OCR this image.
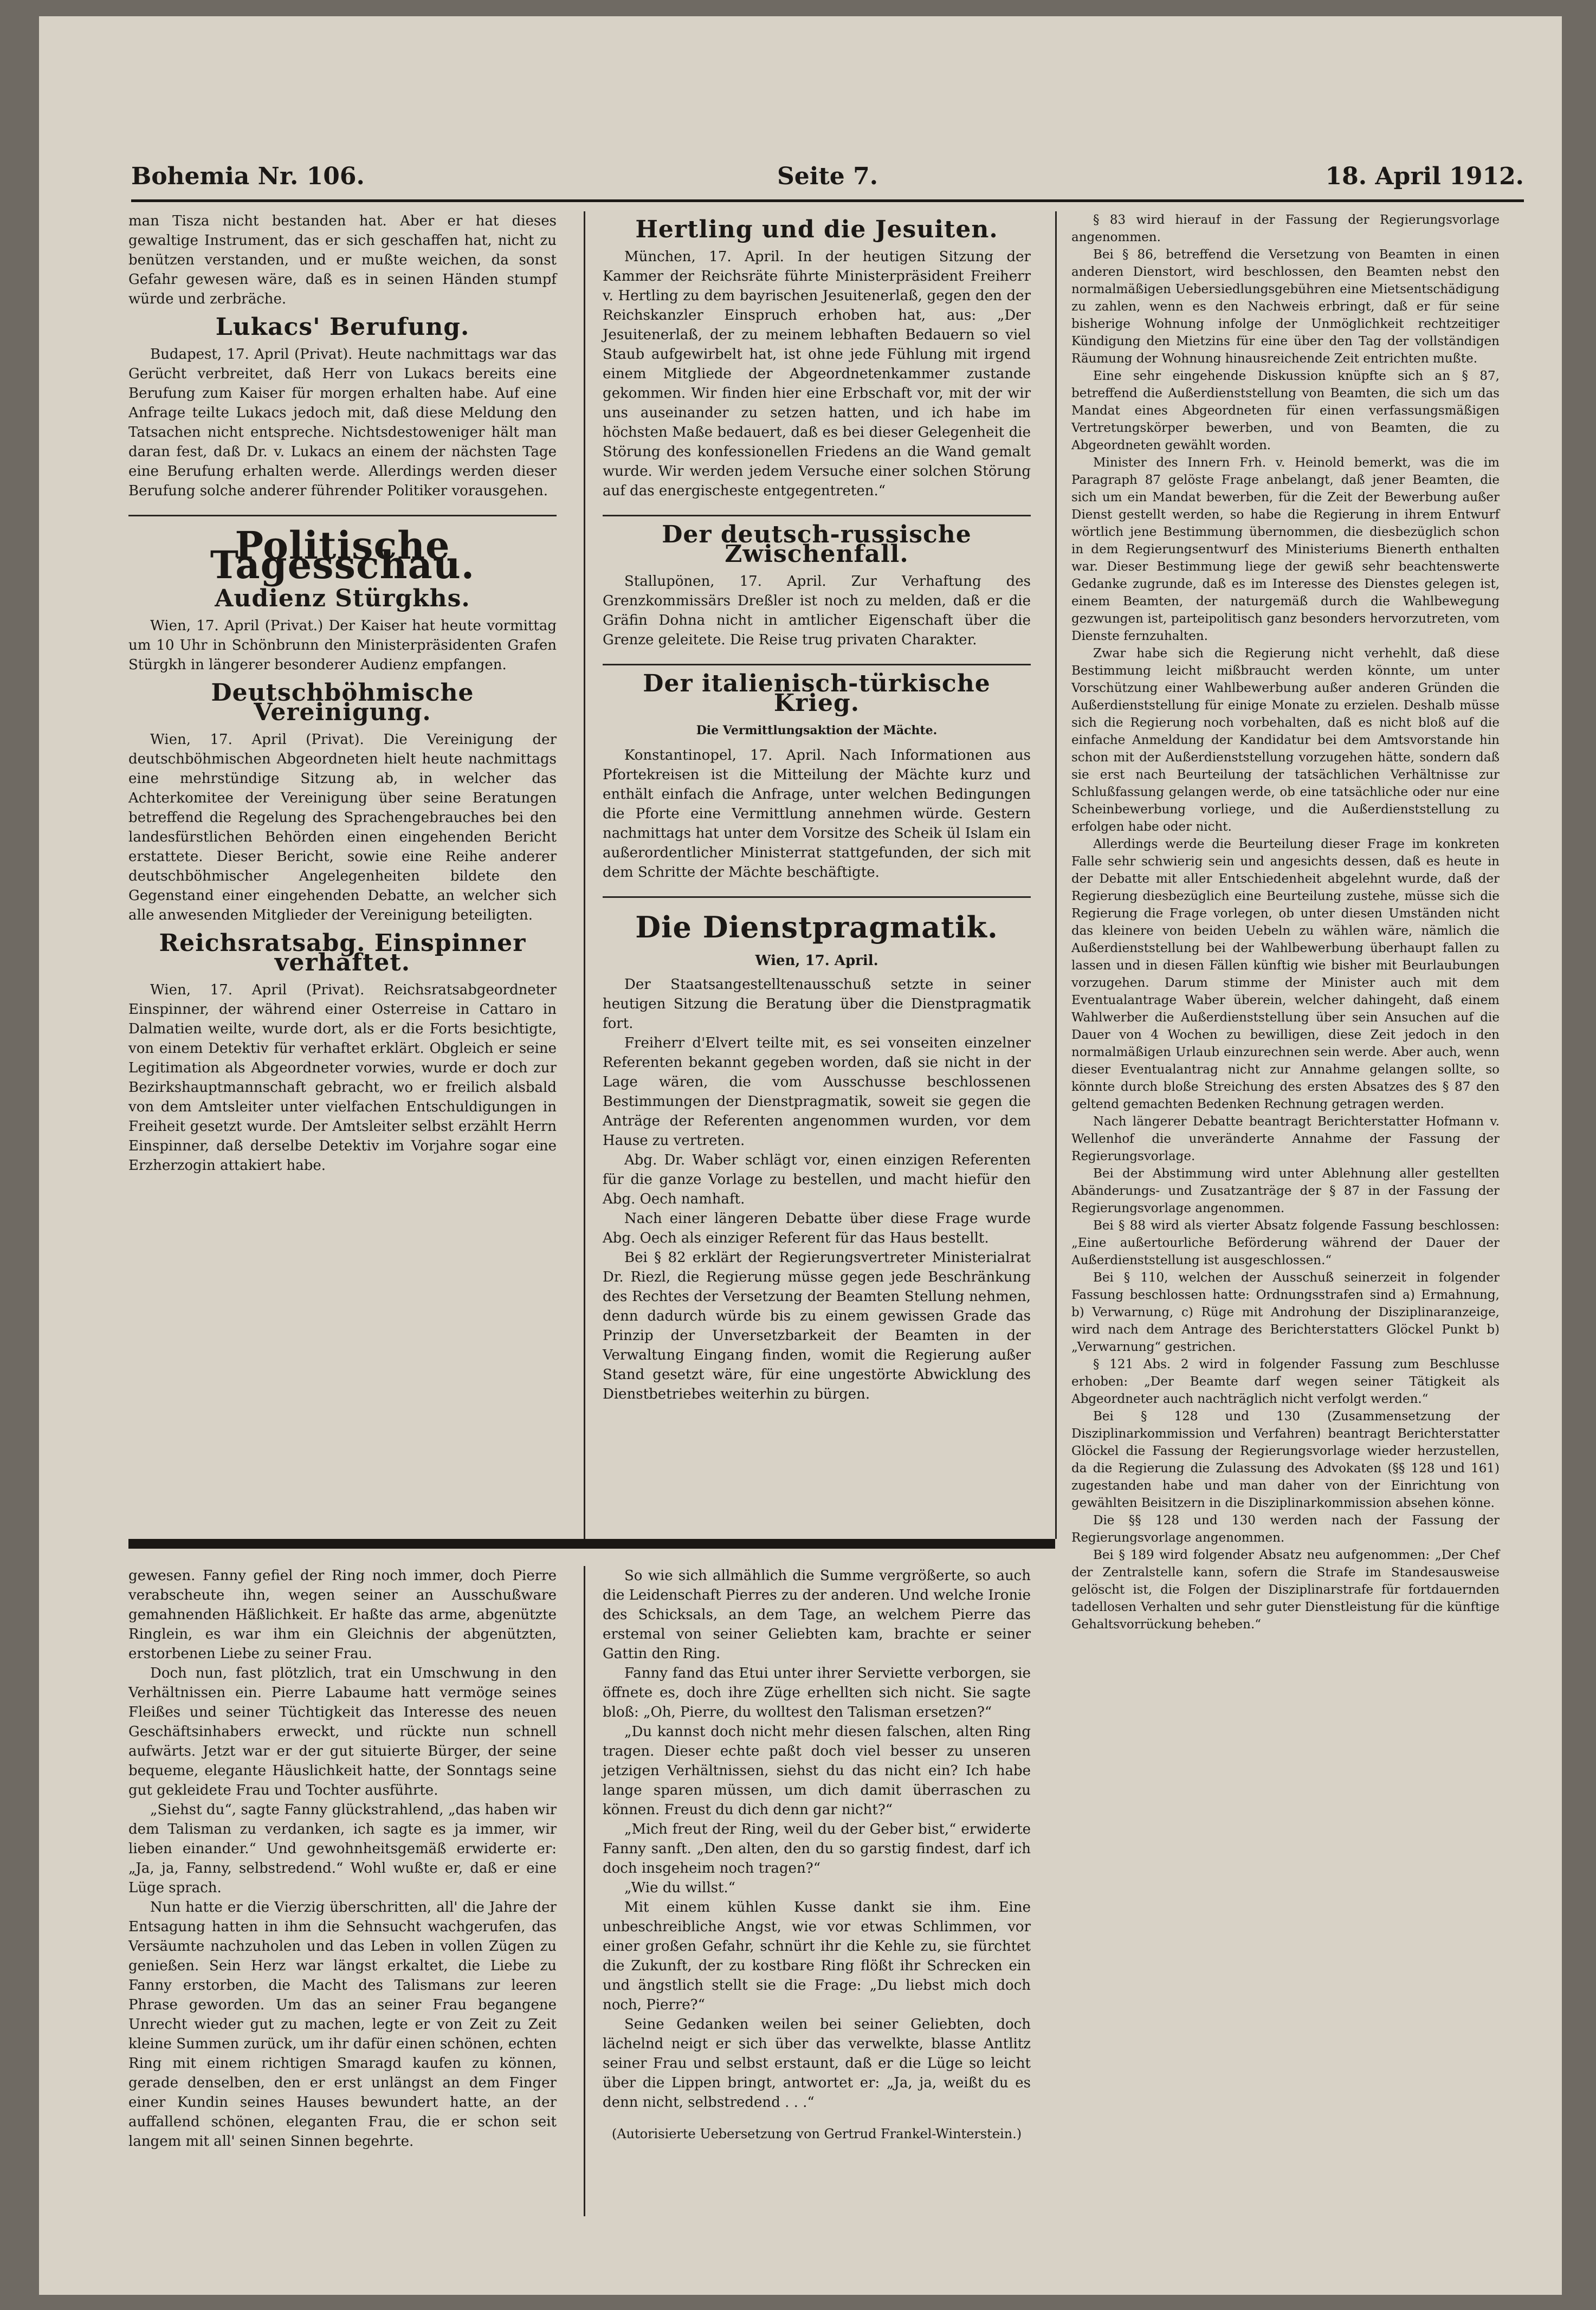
Bohemia Nr. 106.	Seite 7.	18. April 1912.

man Tisza nicht bestanden hat. Aber er hat dieses gewaltige Instrument, das er sich geschaffen hat, nicht zu benützen verstanden, und er mußte weichen, da sonst Gefahr gewesen wäre, daß es in seinen Händen stumpf würde und zerbräche.

Lukacs' Berufung.

Budapest, 17. April (Privat). Heute nachmittags war das Gerücht verbreitet, daß Herr von Lukacs bereits eine Berufung zum Kaiser für morgen erhalten habe. Auf eine Anfrage teilte Lukacs jedoch mit, daß diese Meldung den Tatsachen nicht entspreche. Nichtsdestoweniger hält man daran fest, daß Dr. v. Lukacs an einem der nächsten Tage eine Berufung erhalten werde. Allerdings werden dieser Berufung solche anderer führender Politiker vorausgehen.

Politische Tagesschau.
Audienz Stürgkhs.

Wien, 17. April (Privat.) Der Kaiser hat heute vormittag um 10 Uhr in Schönbrunn den Ministerpräsidenten Grafen Stürgkh in längerer besonderer Audienz empfangen.

Deutschböhmische Vereinigung.

Wien, 17. April (Privat). Die Vereinigung der deutschböhmischen Abgeordneten hielt heute nachmittags eine mehrstündige Sitzung ab, in welcher das Achterkomitee der Vereinigung über seine Beratungen betreffend die Regelung des Sprachengebrauches bei den landesfürstlichen Behörden einen eingehenden Bericht erstattete. Dieser Bericht, sowie eine Reihe anderer deutschböhmischer Angelegenheiten bildete den Gegenstand einer eingehenden Debatte, an welcher sich alle anwesenden Mitglieder der Vereinigung beteiligten.

Reichsratsabg. Einspinner verhaftet.

Wien, 17. April (Privat). Reichsratsabgeordneter Einspinner, der während einer Osterreise in Cattaro in Dalmatien weilte, wurde dort, als er die Forts besichtigte, von einem Detektiv für verhaftet erklärt. Obgleich er seine Legitimation als Abgeordneter vorwies, wurde er doch zur Bezirkshauptmannschaft gebracht, wo er freilich alsbald von dem Amtsleiter unter vielfachen Entschuldigungen in Freiheit gesetzt wurde. Der Amtsleiter selbst erzählt Herrn Einspinner, daß derselbe Detektiv im Vorjahre sogar eine Erzherzogin attakiert habe.

Hertling und die Jesuiten.

München, 17. April. In der heutigen Sitzung der Kammer der Reichsräte führte Ministerpräsident Freiherr v. Hertling zu dem bayrischen Jesuitenerlaß, gegen den der Reichskanzler Einspruch erhoben hat, aus: „Der Jesuitenerlaß, der zu meinem lebhaften Bedauern so viel Staub aufgewirbelt hat, ist ohne jede Fühlung mit irgend einem Mitgliede der Abgeordnetenkammer zustande gekommen. Wir finden hier eine Erbschaft vor, mit der wir uns auseinander zu setzen hatten, und ich habe im höchsten Maße bedauert, daß es bei dieser Gelegenheit die Störung des konfessionellen Friedens an die Wand gemalt wurde. Wir werden jedem Versuche einer solchen Störung auf das energischeste entgegentreten.“

Der deutsch-russische Zwischenfall.

Stallupönen, 17. April. Zur Verhaftung des Grenzkommissärs Dreßler ist noch zu melden, daß er die Gräfin Dohna nicht in amtlicher Eigenschaft über die Grenze geleitete. Die Reise trug privaten Charakter.

Der italienisch-türkische Krieg.
Die Vermittlungsaktion der Mächte.

Konstantinopel, 17. April. Nach Informationen aus Pfortekreisen ist die Mitteilung der Mächte kurz und enthält einfach die Anfrage, unter welchen Bedingungen die Pforte eine Vermittlung annehmen würde. Gestern nachmittags hat unter dem Vorsitze des Scheik ül Islam ein außerordentlicher Ministerrat stattgefunden, der sich mit dem Schritte der Mächte beschäftigte.

Die Dienstpragmatik.
Wien, 17. April.

Der Staatsangestelltenausschuß setzte in seiner heutigen Sitzung die Beratung über die Dienstpragmatik fort.

Freiherr d'Elvert teilte mit, es sei vonseiten einzelner Referenten bekannt gegeben worden, daß sie nicht in der Lage wären, die vom Ausschusse beschlossenen Bestimmungen der Dienstpragmatik, soweit sie gegen die Anträge der Referenten angenommen wurden, vor dem Hause zu vertreten.

Abg. Dr. Waber schlägt vor, einen einzigen Referenten für die ganze Vorlage zu bestellen, und macht hiefür den Abg. Oech namhaft.

Nach einer längeren Debatte über diese Frage wurde Abg. Oech als einziger Referent für das Haus bestellt.

Bei § 82 erklärt der Regierungsvertreter Ministerialrat Dr. Riezl, die Regierung müsse gegen jede Beschränkung des Rechtes der Versetzung der Beamten Stellung nehmen, denn dadurch würde bis zu einem gewissen Grade das Prinzip der Unversetzbarkeit der Beamten in der Verwaltung Eingang finden, womit die Regierung außer Stand gesetzt wäre, für eine ungestörte Abwicklung des Dienstbetriebes weiterhin zu bürgen.

§ 83 wird hierauf in der Fassung der Regierungsvorlage angenommen.

Bei § 86, betreffend die Versetzung von Beamten in einen anderen Dienstort, wird beschlossen, den Beamten nebst den normalmäßigen Uebersiedlungsgebühren eine Mietsentschädigung zu zahlen, wenn es den Nachweis erbringt, daß er für seine bisherige Wohnung infolge der Unmöglichkeit rechtzeitiger Kündigung den Mietzins für eine über den Tag der vollständigen Räumung der Wohnung hinausreichende Zeit entrichten mußte.

Eine sehr eingehende Diskussion knüpfte sich an § 87, betreffend die Außerdienststellung von Beamten, die sich um das Mandat eines Abgeordneten für einen verfassungsmäßigen Vertretungskörper bewerben, und von Beamten, die zu Abgeordneten gewählt worden.

Minister des Innern Frh. v. Heinold bemerkt, was die im Paragraph 87 gelöste Frage anbelangt, daß jener Beamten, die sich um ein Mandat bewerben, für die Zeit der Bewerbung außer Dienst gestellt werden, so habe die Regierung in ihrem Entwurf wörtlich jene Bestimmung übernommen, die diesbezüglich schon in dem Regierungsentwurf des Ministeriums Bienerth enthalten war. Dieser Bestimmung liege der gewiß sehr beachtenswerte Gedanke zugrunde, daß es im Interesse des Dienstes gelegen ist, einem Beamten, der naturgemäß durch die Wahlbewegung gezwungen ist, parteipolitisch ganz besonders hervorzutreten, vom Dienste fernzuhalten.

Zwar habe sich die Regierung nicht verhehlt, daß diese Bestimmung leicht mißbraucht werden könnte, um unter Vorschützung einer Wahlbewerbung außer anderen Gründen die Außerdienststellung für einige Monate zu erzielen. Deshalb müsse sich die Regierung noch vorbehalten, daß es nicht bloß auf die einfache Anmeldung der Kandidatur bei dem Amtsvorstande hin schon mit der Außerdienststellung vorzugehen hätte, sondern daß sie erst nach Beurteilung der tatsächlichen Verhältnisse zur Schlußfassung gelangen werde, ob eine tatsächliche oder nur eine Scheinbewerbung vorliege, und die Außerdienststellung zu erfolgen habe oder nicht.

Allerdings werde die Beurteilung dieser Frage im konkreten Falle sehr schwierig sein und angesichts dessen, daß es heute in der Debatte mit aller Entschiedenheit abgelehnt wurde, daß der Regierung diesbezüglich eine Beurteilung zustehe, müsse sich die Regierung die Frage vorlegen, ob unter diesen Umständen nicht das kleinere von beiden Uebeln zu wählen wäre, nämlich die Außerdienststellung bei der Wahlbewerbung überhaupt fallen zu lassen und in diesen Fällen künftig wie bisher mit Beurlaubungen vorzugehen. Darum stimme der Minister auch mit dem Eventualantrage Waber überein, welcher dahingeht, daß einem Wahlwerber die Außerdienststellung über sein Ansuchen auf die Dauer von 4 Wochen zu bewilligen, diese Zeit jedoch in den normalmäßigen Urlaub einzurechnen sein werde. Aber auch, wenn dieser Eventualantrag nicht zur Annahme gelangen sollte, so könnte durch bloße Streichung des ersten Absatzes des § 87 den geltend gemachten Bedenken Rechnung getragen werden.

Nach längerer Debatte beantragt Berichterstatter Hofmann v. Wellenhof die unveränderte Annahme der Fassung der Regierungsvorlage.

Bei der Abstimmung wird unter Ablehnung aller gestellten Abänderungs- und Zusatzanträge der § 87 in der Fassung der Regierungsvorlage angenommen.

Bei § 88 wird als vierter Absatz folgende Fassung beschlossen: „Eine außertourliche Beförderung während der Dauer der Außerdienststellung ist ausgeschlossen.“

Bei § 110, welchen der Ausschuß seinerzeit in folgender Fassung beschlossen hatte: Ordnungsstrafen sind a) Ermahnung, b) Verwarnung, c) Rüge mit Androhung der Disziplinaranzeige, wird nach dem Antrage des Berichterstatters Glöckel Punkt b) „Verwarnung“ gestrichen.

§ 121 Abs. 2 wird in folgender Fassung zum Beschlusse erhoben: „Der Beamte darf wegen seiner Tätigkeit als Abgeordneter auch nachträglich nicht verfolgt werden.“

Bei § 128 und 130 (Zusammensetzung der Disziplinarkommission und Verfahren) beantragt Berichterstatter Glöckel die Fassung der Regierungsvorlage wieder herzustellen, da die Regierung die Zulassung des Advokaten (§§ 128 und 161) zugestanden habe und man daher von der Einrichtung von gewählten Beisitzern in die Disziplinarkommission absehen könne.

Die §§ 128 und 130 werden nach der Fassung der Regierungsvorlage angenommen.

Bei § 189 wird folgender Absatz neu aufgenommen: „Der Chef der Zentralstelle kann, sofern die Strafe im Standesausweise gelöscht ist, die Folgen der Disziplinarstrafe für fortdauernden tadellosen Verhalten und sehr guter Dienstleistung für die künftige Gehaltsvorrückung beheben.“

gewesen. Fanny gefiel der Ring noch immer, doch Pierre verabscheute ihn, wegen seiner an Ausschußware gemahnenden Häßlichkeit. Er haßte das arme, abgenützte Ringlein, es war ihm ein Gleichnis der abgenützten, erstorbenen Liebe zu seiner Frau.

Doch nun, fast plötzlich, trat ein Umschwung in den Verhältnissen ein. Pierre Labaume hatt vermöge seines Fleißes und seiner Tüchtigkeit das Interesse des neuen Geschäftsinhabers erweckt, und rückte nun schnell aufwärts. Jetzt war er der gut situierte Bürger, der seine bequeme, elegante Häuslichkeit hatte, der Sonntags seine gut gekleidete Frau und Tochter ausführte.

„Siehst du“, sagte Fanny glückstrahlend, „das haben wir dem Talisman zu verdanken, ich sagte es ja immer, wir lieben einander.“ Und gewohnheitsgemäß erwiderte er: „Ja, ja, Fanny, selbstredend.“ Wohl wußte er, daß er eine Lüge sprach.

Nun hatte er die Vierzig überschritten, all' die Jahre der Entsagung hatten in ihm die Sehnsucht wachgerufen, das Versäumte nachzuholen und das Leben in vollen Zügen zu genießen. Sein Herz war längst erkaltet, die Liebe zu Fanny erstorben, die Macht des Talismans zur leeren Phrase geworden. Um das an seiner Frau begangene Unrecht wieder gut zu machen, legte er von Zeit zu Zeit kleine Summen zurück, um ihr dafür einen schönen, echten Ring mit einem richtigen Smaragd kaufen zu können, gerade denselben, den er erst unlängst an dem Finger einer Kundin seines Hauses bewundert hatte, an der auffallend schönen, eleganten Frau, die er schon seit langem mit all' seinen Sinnen begehrte.

So wie sich allmählich die Summe vergrößerte, so auch die Leidenschaft Pierres zu der anderen. Und welche Ironie des Schicksals, an dem Tage, an welchem Pierre das erstemal von seiner Geliebten kam, brachte er seiner Gattin den Ring.

Fanny fand das Etui unter ihrer Serviette verborgen, sie öffnete es, doch ihre Züge erhellten sich nicht. Sie sagte bloß: „Oh, Pierre, du wolltest den Talisman ersetzen?“

„Du kannst doch nicht mehr diesen falschen, alten Ring tragen. Dieser echte paßt doch viel besser zu unseren jetzigen Verhältnissen, siehst du das nicht ein? Ich habe lange sparen müssen, um dich damit überraschen zu können. Freust du dich denn gar nicht?“

„Mich freut der Ring, weil du der Geber bist,“ erwiderte Fanny sanft. „Den alten, den du so garstig findest, darf ich doch insgeheim noch tragen?“

„Wie du willst.“

Mit einem kühlen Kusse dankt sie ihm. Eine unbeschreibliche Angst, wie vor etwas Schlimmen, vor einer großen Gefahr, schnürt ihr die Kehle zu, sie fürchtet die Zukunft, der zu kostbare Ring flößt ihr Schrecken ein und ängstlich stellt sie die Frage: „Du liebst mich doch noch, Pierre?“

Seine Gedanken weilen bei seiner Geliebten, doch lächelnd neigt er sich über das verwelkte, blasse Antlitz seiner Frau und selbst erstaunt, daß er die Lüge so leicht über die Lippen bringt, antwortet er: „Ja, ja, weißt du es denn nicht, selbstredend . . .“

(Autorisierte Uebersetzung von Gertrud Frankel-Winterstein.)
